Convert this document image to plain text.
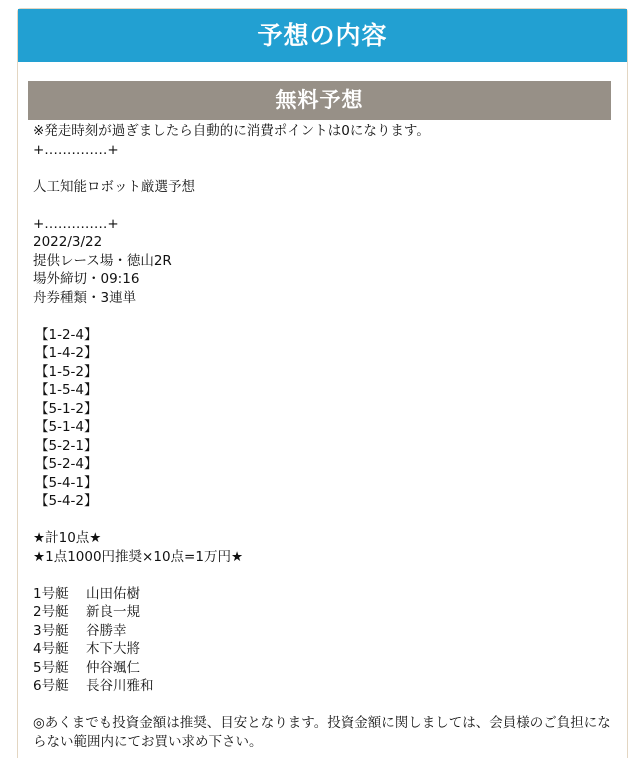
予想の内容
無料予想
※発走時刻が過ぎましたら自動的に消費ポイントは0になります。
+‥‥‥‥‥‥‥+
人工知能ロボット厳選予想
+‥‥‥‥‥‥‥+
2022/3/22
提供レース場・徳山2R
場外締切・09:16
舟券種類・3連単
【1-2-4】
【1-4-2】
【1-5-2】
【1-5-4】
【5-1-2】
【5-1-4】
【5-2-1】
【5-2-4】
【5-4-1】
【5-4-2】
★計10点★
★1点1000円推奨×10点=1万円★
1号艇	山田佑樹
2号艇	新良一規
3号艇	谷勝幸
4号艇	木下大將
5号艇	仲谷颯仁
6号艇	長谷川雅和
◎あくまでも投資金額は推奨、目安となります。投資金額に関しましては、会員様のご負担にならない範囲内にてお買い求め下さい。
